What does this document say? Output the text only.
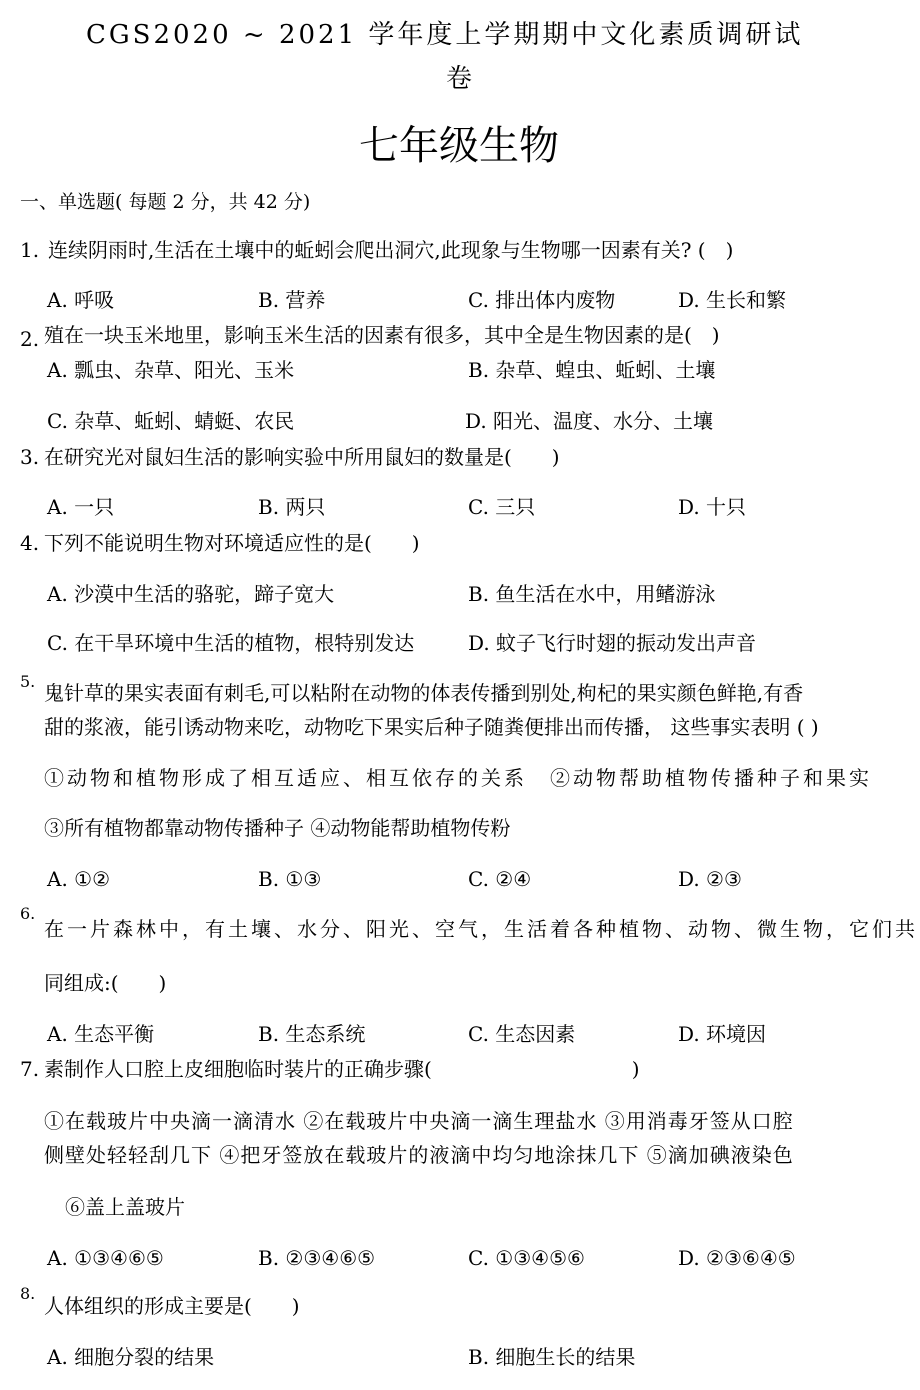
CGS2020 ~ 2021 学年度上学期期中文化素质调研试
卷
七年级生物
一、单选题( 每题 2 分，共 42 分)
1. 连续阴雨时,生活在土壤中的蚯蚓会爬出洞穴,此现象与生物哪一因素有关? (　)
A. 呼吸	B. 营养	C. 排出体内废物	D. 生长和繁
2. 殖在一块玉米地里，影响玉米生活的因素有很多，其中全是生物因素的是(　)
A. 瓢虫、杂草、阳光、玉米	B. 杂草、蝗虫、蚯蚓、土壤
C. 杂草、蚯蚓、蜻蜓、农民	D. 阳光、温度、水分、土壤
3. 在研究光对鼠妇生活的影响实验中所用鼠妇的数量是(　　)
A. 一只	B. 两只	C. 三只	D. 十只
4. 下列不能说明生物对环境适应性的是(　　)
A. 沙漠中生活的骆驼，蹄子宽大	B. 鱼生活在水中，用鳍游泳
C. 在干旱环境中生活的植物，根特别发达	D. 蚊子飞行时翅的振动发出声音
5. 鬼针草的果实表面有刺毛,可以粘附在动物的体表传播到别处,枸杞的果实颜色鲜艳,有香
甜的浆液，能引诱动物来吃，动物吃下果实后种子随粪便排出而传播， 这些事实表明 ( )
①动物和植物形成了相互适应、相互依存的关系　②动物帮助植物传播种子和果实
③所有植物都靠动物传播种子 ④动物能帮助植物传粉
A. ①②	B. ①③	C. ②④	D. ②③
6.
在一片森林中，有土壤、水分、阳光、空气，生活着各种植物、动物、微生物，它们共
同组成:(　　)
A. 生态平衡	B. 生态系统	C. 生态因素	D. 环境因
7. 素制作人口腔上皮细胞临时装片的正确步骤(　　　　　　　　　　)
①在载玻片中央滴一滴清水 ②在载玻片中央滴一滴生理盐水 ③用消毒牙签从口腔
侧壁处轻轻刮几下 ④把牙签放在载玻片的液滴中均匀地涂抹几下 ⑤滴加碘液染色
⑥盖上盖玻片
A. ①③④⑥⑤	B. ②③④⑥⑤	C. ①③④⑤⑥	D. ②③⑥④⑤
8.
人体组织的形成主要是(　　)
A. 细胞分裂的结果	B. 细胞生长的结果
